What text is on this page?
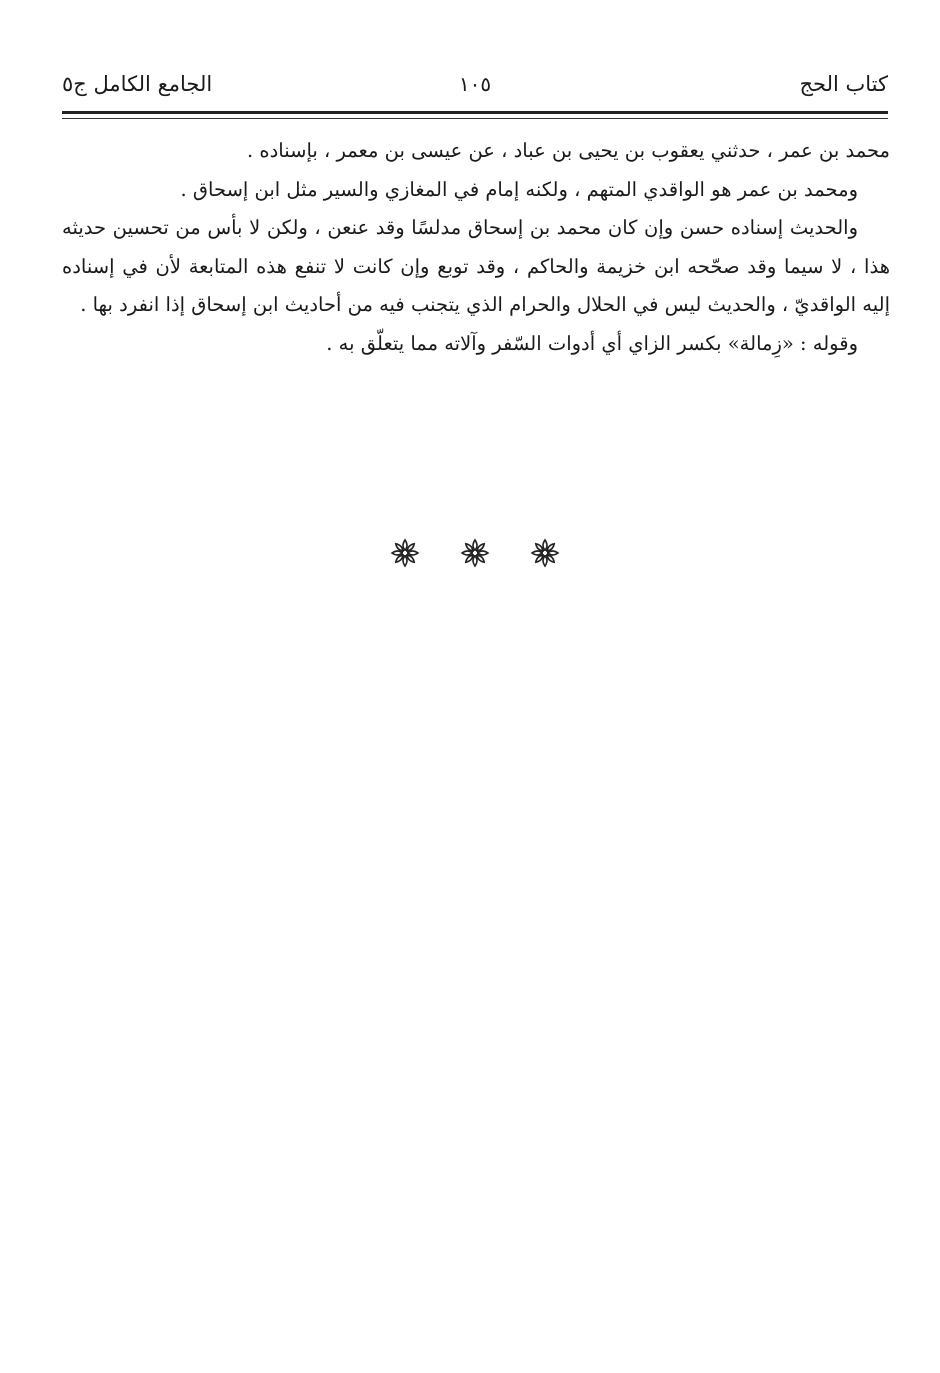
كتاب الحج
١٠٥
الجامع الكامل ج٥

محمد بن عمر ، حدثني يعقوب بن يحيى بن عباد ، عن عيسى بن معمر ، بإسناده .

ومحمد بن عمر هو الواقدي المتهم ، ولكنه إمام في المغازي والسير مثل ابن إسحاق .

والحديث إسناده حسن وإن كان محمد بن إسحاق مدلسًا وقد عنعن ، ولكن لا بأس من تحسين حديثه هذا ، لا سيما وقد صحّحه ابن خزيمة والحاكم ، وقد توبع وإن كانت لا تنفع هذه المتابعة لأن في إسناده إليه الواقديّ ، والحديث ليس في الحلال والحرام الذي يتجنب فيه من أحاديث ابن إسحاق إذا انفرد بها .

وقوله : «زِمالة» بكسر الزاي أي أدوات السّفر وآلاته مما يتعلّق به .
